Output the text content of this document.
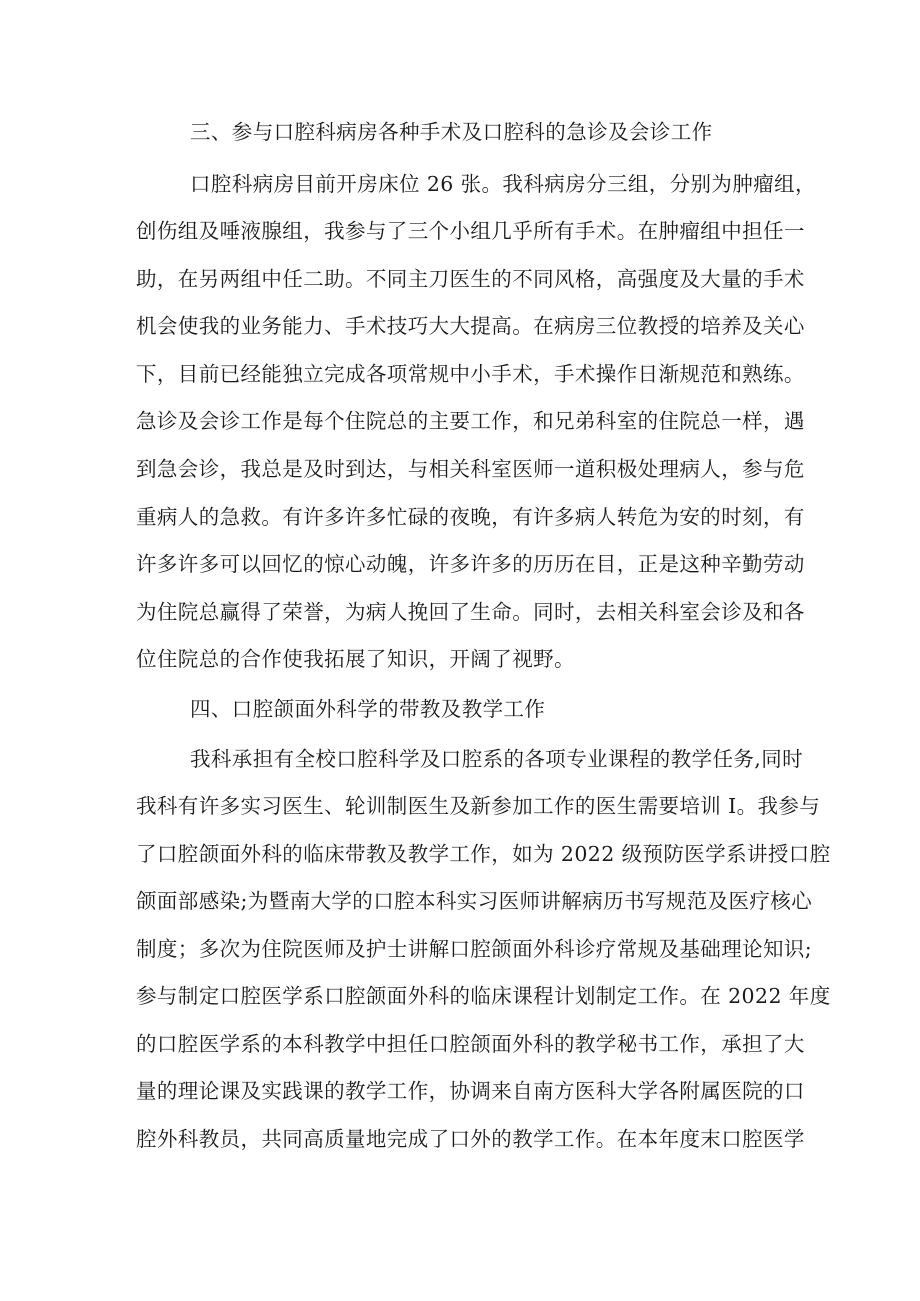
三、参与口腔科病房各种手术及口腔科的急诊及会诊工作
口腔科病房目前开房床位 26 张。我科病房分三组，分别为肿瘤组，
创伤组及唾液腺组，我参与了三个小组几乎所有手术。在肿瘤组中担任一
助，在另两组中任二助。不同主刀医生的不同风格，高强度及大量的手术
机会使我的业务能力、手术技巧大大提高。在病房三位教授的培养及关心
下，目前已经能独立完成各项常规中小手术，手术操作日渐规范和熟练。
急诊及会诊工作是每个住院总的主要工作，和兄弟科室的住院总一样，遇
到急会诊，我总是及时到达，与相关科室医师一道积极处理病人，参与危
重病人的急救。有许多许多忙碌的夜晚，有许多病人转危为安的时刻，有
许多许多可以回忆的惊心动魄，许多许多的历历在目，正是这种辛勤劳动
为住院总赢得了荣誉，为病人挽回了生命。同时，去相关科室会诊及和各
位住院总的合作使我拓展了知识，开阔了视野。
四、口腔颌面外科学的带教及教学工作
我科承担有全校口腔科学及口腔系的各项专业课程的教学任务,同时
我科有许多实习医生、轮训制医生及新参加工作的医生需要培训 I。我参与
了口腔颌面外科的临床带教及教学工作，如为 2022 级预防医学系讲授口腔
颌面部感染;为暨南大学的口腔本科实习医师讲解病历书写规范及医疗核心
制度；多次为住院医师及护士讲解口腔颌面外科诊疗常规及基础理论知识;
参与制定口腔医学系口腔颌面外科的临床课程计划制定工作。在 2022 年度
的口腔医学系的本科教学中担任口腔颌面外科的教学秘书工作，承担了大
量的理论课及实践课的教学工作，协调来自南方医科大学各附属医院的口
腔外科教员，共同高质量地完成了口外的教学工作。在本年度末口腔医学
